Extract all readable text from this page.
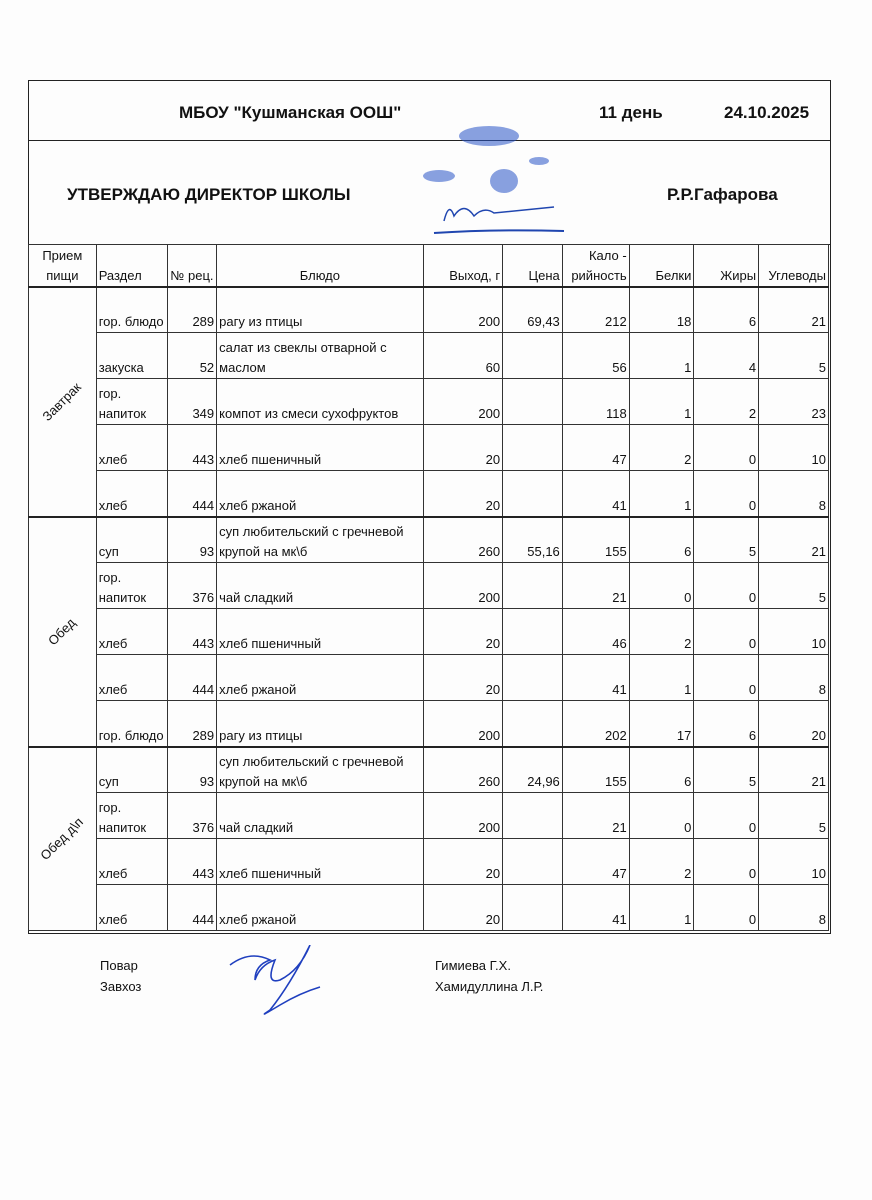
МБОУ "Кушманская ООШ"	11 день	24.10.2025
УТВЕРЖДАЮ ДИРЕКТОР ШКОЛЫ	Р.Р.Гафарова
Прием пищи	Раздел	№ рец.	Блюдо	Выход, г	Цена	Кало - рийность	Белки	Жиры	Углеводы

Завтрак	гор. блюдо	289	рагу из птицы	200	69,43	212	18	6	21
	закуска	52	салат из свеклы отварной с маслом	60		56	1	4	5
	гор. напиток	349	компот из смеси сухофруктов	200		118	1	2	23
	хлеб	443	хлеб пшеничный	20		47	2	0	10
	хлеб	444	хлеб ржаной	20		41	1	0	8

Обед	суп	93	суп любительский с гречневой крупой на мк\б	260	55,16	155	6	5	21
	гор. напиток	376	чай сладкий	200		21	0	0	5
	хлеб	443	хлеб пшеничный	20		46	2	0	10
	хлеб	444	хлеб ржаной	20		41	1	0	8
	гор. блюдо	289	рагу из птицы	200		202	17	6	20

Обед д\п	суп	93	суп любительский с гречневой крупой на мк\б	260	24,96	155	6	5	21
	гор. напиток	376	чай сладкий	200		21	0	0	5
	хлеб	443	хлеб пшеничный	20		47	2	0	10
	хлеб	444	хлеб ржаной	20		41	1	0	8
Повар
Завхоз
Гимиева Г.Х.
Хамидуллина Л.Р.
